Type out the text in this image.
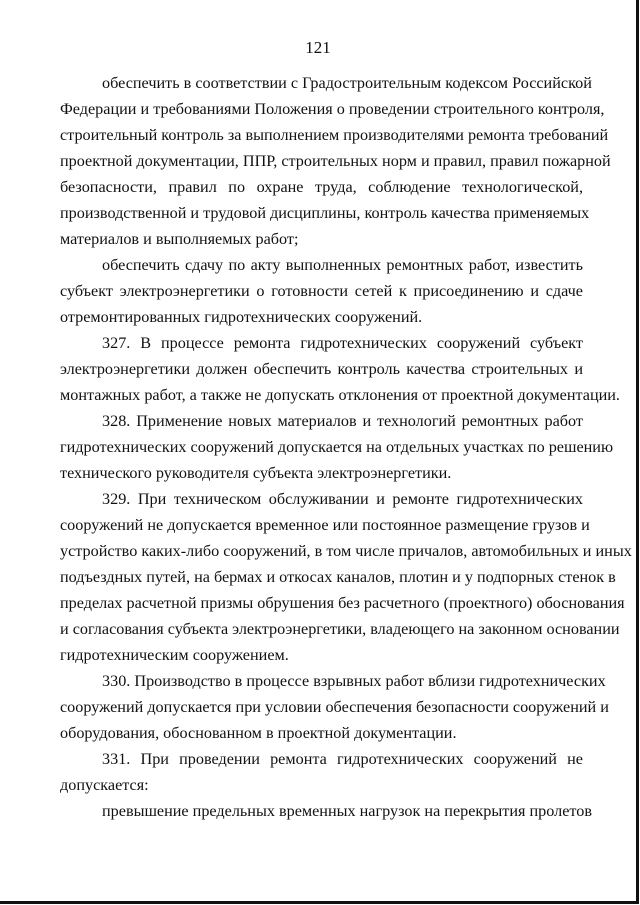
121
обеспечить в соответствии с Градостроительным кодексом Российской
Федерации и требованиями Положения о проведении строительного контроля,
строительный контроль за выполнением производителями ремонта требований
проектной документации, ППР, строительных норм и правил, правил пожарной
безопасности, правил по охране труда, соблюдение технологической,
производственной и трудовой дисциплины, контроль качества применяемых
материалов и выполняемых работ;
обеспечить сдачу по акту выполненных ремонтных работ, известить
субъект электроэнергетики о готовности сетей к присоединению и сдаче
отремонтированных гидротехнических сооружений.
327. В процессе ремонта гидротехнических сооружений субъект
электроэнергетики должен обеспечить контроль качества строительных и
монтажных работ, а также не допускать отклонения от проектной документации.
328. Применение новых материалов и технологий ремонтных работ
гидротехнических сооружений допускается на отдельных участках по решению
технического руководителя субъекта электроэнергетики.
329. При техническом обслуживании и ремонте гидротехнических
сооружений не допускается временное или постоянное размещение грузов и
устройство каких-либо сооружений, в том числе причалов, автомобильных и иных
подъездных путей, на бермах и откосах каналов, плотин и у подпорных стенок в
пределах расчетной призмы обрушения без расчетного (проектного) обоснования
и согласования субъекта электроэнергетики, владеющего на законном основании
гидротехническим сооружением.
330. Производство в процессе взрывных работ вблизи гидротехнических
сооружений допускается при условии обеспечения безопасности сооружений и
оборудования, обоснованном в проектной документации.
331. При проведении ремонта гидротехнических сооружений не
допускается:
превышение предельных временных нагрузок на перекрытия пролетов
